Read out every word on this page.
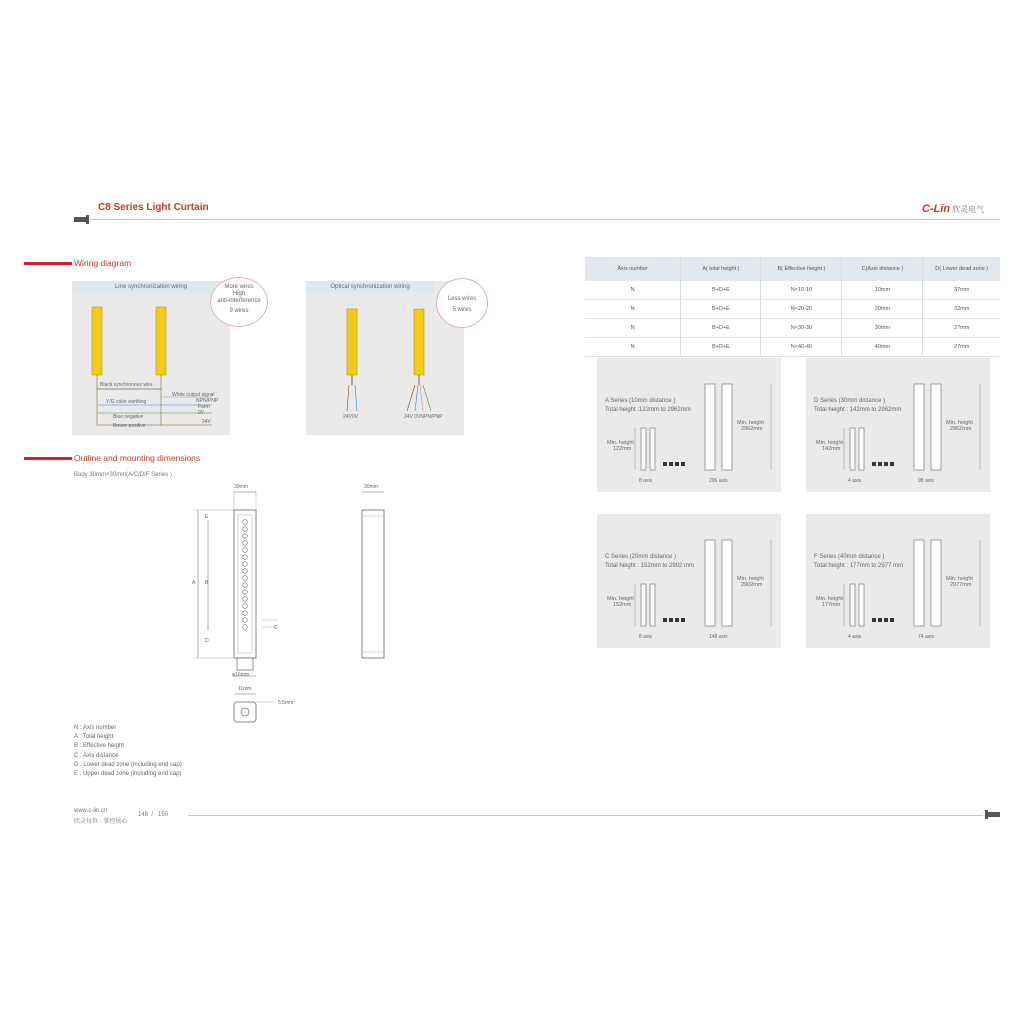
C8 Series Light Curtain	C-Lin 欣灵电气
Wiring diagram
Line synchronization wiring
Black synchronous wire
White output signal
NPN/PNP
Y/G color earthing
Farm
0V
Blue negative
24V
Brown positive
More wires
High
anti-interference
9 wires
Optical synchronization wiring
24V0V	24V 0VNPN/PNP
Less wires
5 wires
Outline and mounting dimensions
Body 30mm×30mm(A/C/D/F Series )
30mm	30mm
E
A B
C
D
φ16mm
11mm
5.5mm
N : Axis number
A : Total height
B : Effective height
C : Axis distance
D : Lower dead zone (including end cap)
E : Upper dead zone (including end cap)
Axis number	A( total height )	B( Effective height )	C(Axis distance )	D( Lower dead zone )
N	B+D+E	N×10-10	10mm	37mm
N	B+D+E	N×20-20	20mm	32mm
N	B+D+E	N×30-30	30mm	27mm
N	B+D+E	N×40-40	40mm	27mm
A Series (10mm distance )
Total height :122mm to 2962mm
Min. height
122mm
Min. height
2962mm
8 axis	296 axis
D Series (30mm distance )
Total height : 142mm to 2962mm
Min. height
142mm
Min. height
2962mm
4 axis	98 axis
C Series (20mm distance )
Total height : 152mm to 2902 mm
Min. height
152mm
Min. height
2902mm
6 axis	148 axis
F Series (40mm distance )
Total height : 177mm to 2977 mm
Min. height
177mm
Min. height
2977mm
4 axis	74 axis
www.c-lin.cn
欣灵每位 · 掌控核心
148 / 150
